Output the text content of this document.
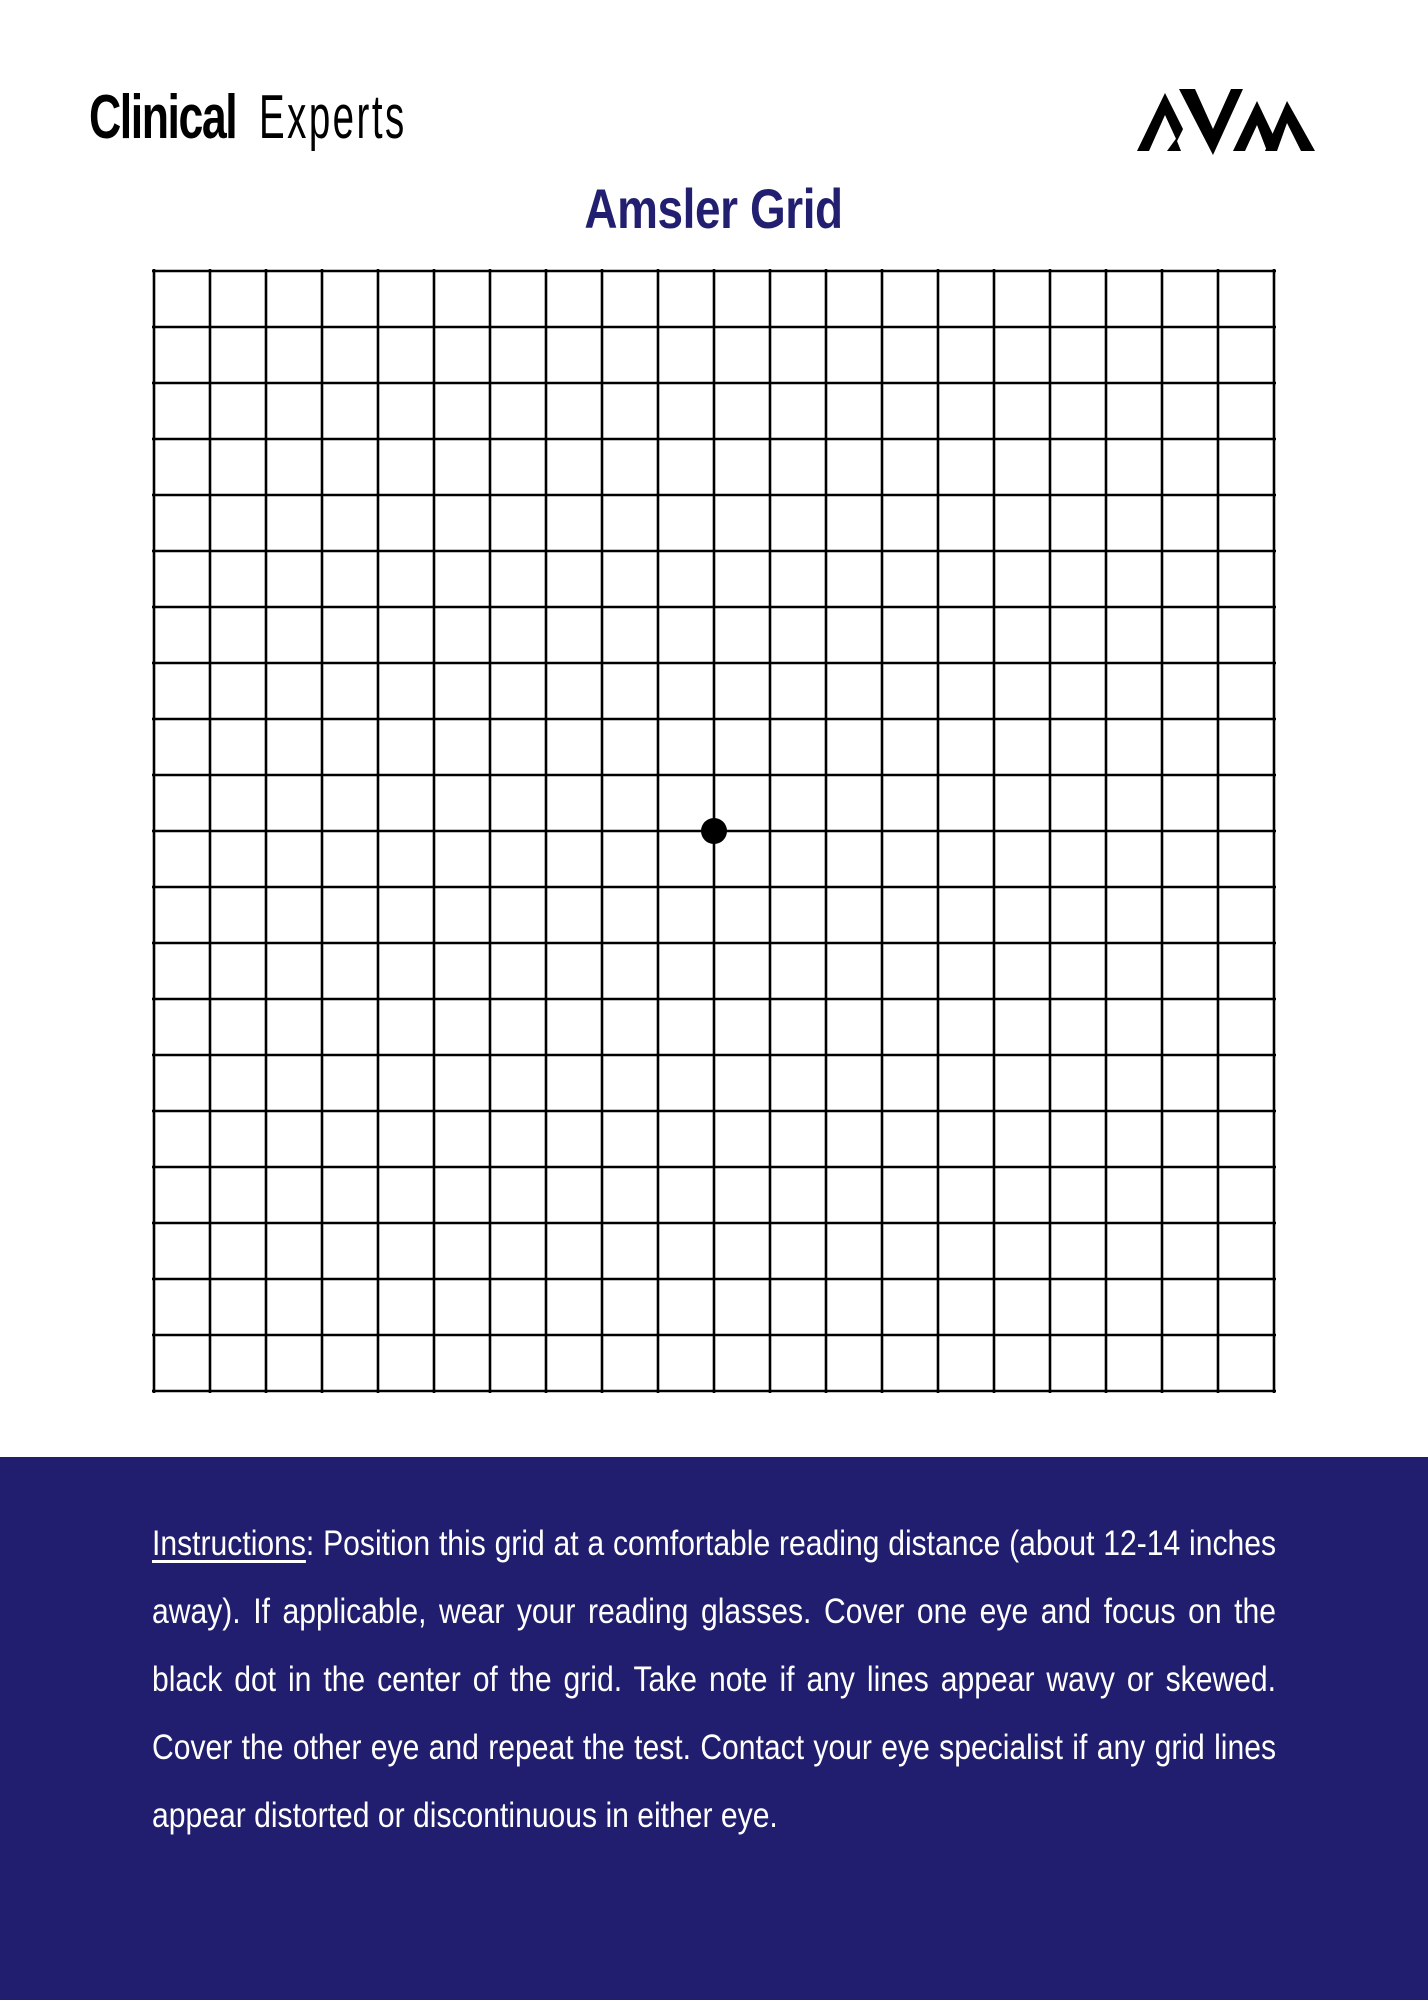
Clinical Experts
Amsler Grid
Instructions: Position this grid at a comfortable reading distance (about 12-14 inches away). If applicable, wear your reading glasses. Cover one eye and focus on the black dot in the center of the grid. Take note if any lines appear wavy or skewed. Cover the other eye and repeat the test. Contact your eye specialist if any grid lines appear distorted or discontinuous in either eye.
